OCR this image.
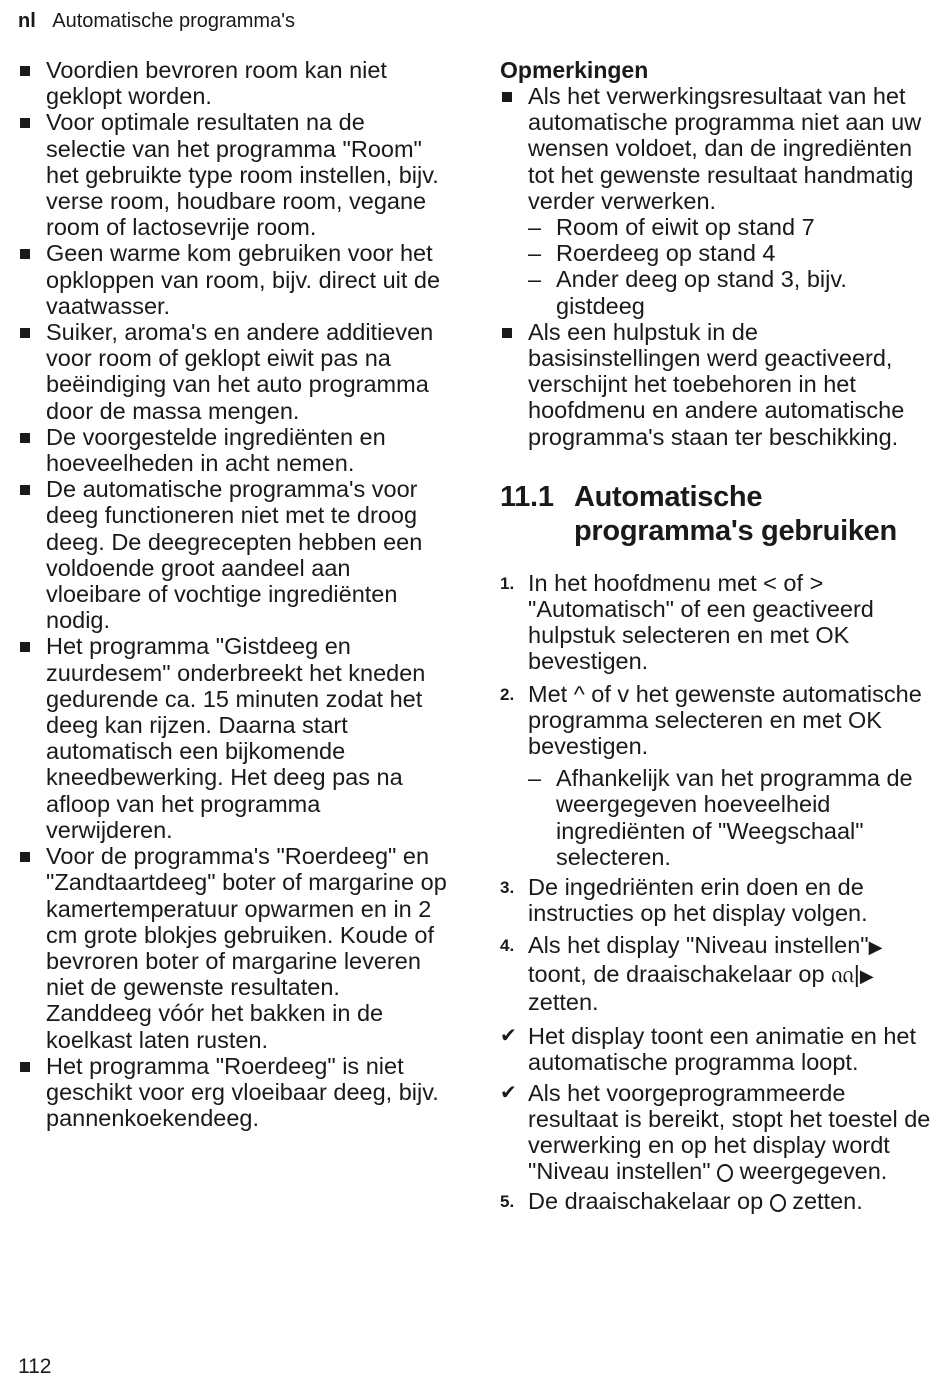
nl Automatische programma's
Voordien bevroren room kan niet geklopt worden.
Voor optimale resultaten na de selectie van het programma "Room" het gebruikte type room instellen, bijv. verse room, houdbare room, vegane room of lactosevrije room.
Geen warme kom gebruiken voor het opkloppen van room, bijv. direct uit de vaatwasser.
Suiker, aroma's en andere additieven voor room of geklopt eiwit pas na beëindiging van het auto programma door de massa mengen.
De voorgestelde ingrediënten en hoeveelheden in acht nemen.
De automatische programma's voor deeg functioneren niet met te droog deeg. De deegrecepten hebben een voldoende groot aandeel aan vloeibare of vochtige ingrediënten nodig.
Het programma "Gistdeeg en zuurdesem" onderbreekt het kneden gedurende ca. 15 minuten zodat het deeg kan rijzen. Daarna start automatisch een bijkomende kneedbewerking. Het deeg pas na afloop van het programma verwijderen.
Voor de programma's "Roerdeeg" en "Zandtaartdeeg" boter of margarine op kamertemperatuur opwarmen en in 2 cm grote blokjes gebruiken. Koude of bevroren boter of margarine leveren niet de gewenste resultaten. Zanddeeg vóór het bakken in de koelkast laten rusten.
Het programma "Roerdeeg" is niet geschikt voor erg vloeibaar deeg, bijv. pannenkoekendeeg.
Opmerkingen
Als het verwerkingsresultaat van het automatische programma niet aan uw wensen voldoet, dan de ingrediënten tot het gewenste resultaat handmatig verder verwerken.
– Room of eiwit op stand 7
– Roerdeeg op stand 4
– Ander deeg op stand 3, bijv. gistdeeg
Als een hulpstuk in de basisinstellingen werd geactiveerd, verschijnt het toebehoren in het hoofdmenu en andere automatische programma's staan ter beschikking.
11.1 Automatische programma's gebruiken
1. In het hoofdmenu met < of >"Automatisch" of een geactiveerd hulpstuk selecteren en met OK bevestigen.
2. Met ^ of v het gewenste automatische programma selecteren en met OK bevestigen.
– Afhankelijk van het programma de weergegeven hoeveelheid ingrediënten of "Weegschaal" selecteren.
3. De ingedriënten erin doen en de instructies op het display volgen.
4. Als het display "Niveau instellen"▶ toont, de draaischakelaar op ᦶ|▶ zetten.
✔ Het display toont een animatie en het automatische programma loopt.
✔ Als het voorgeprogrammeerde resultaat is bereikt, stopt het toestel de verwerking en op het display wordt "Niveau instellen"  weergegeven.
5. De draaischakelaar op  zetten.
112
